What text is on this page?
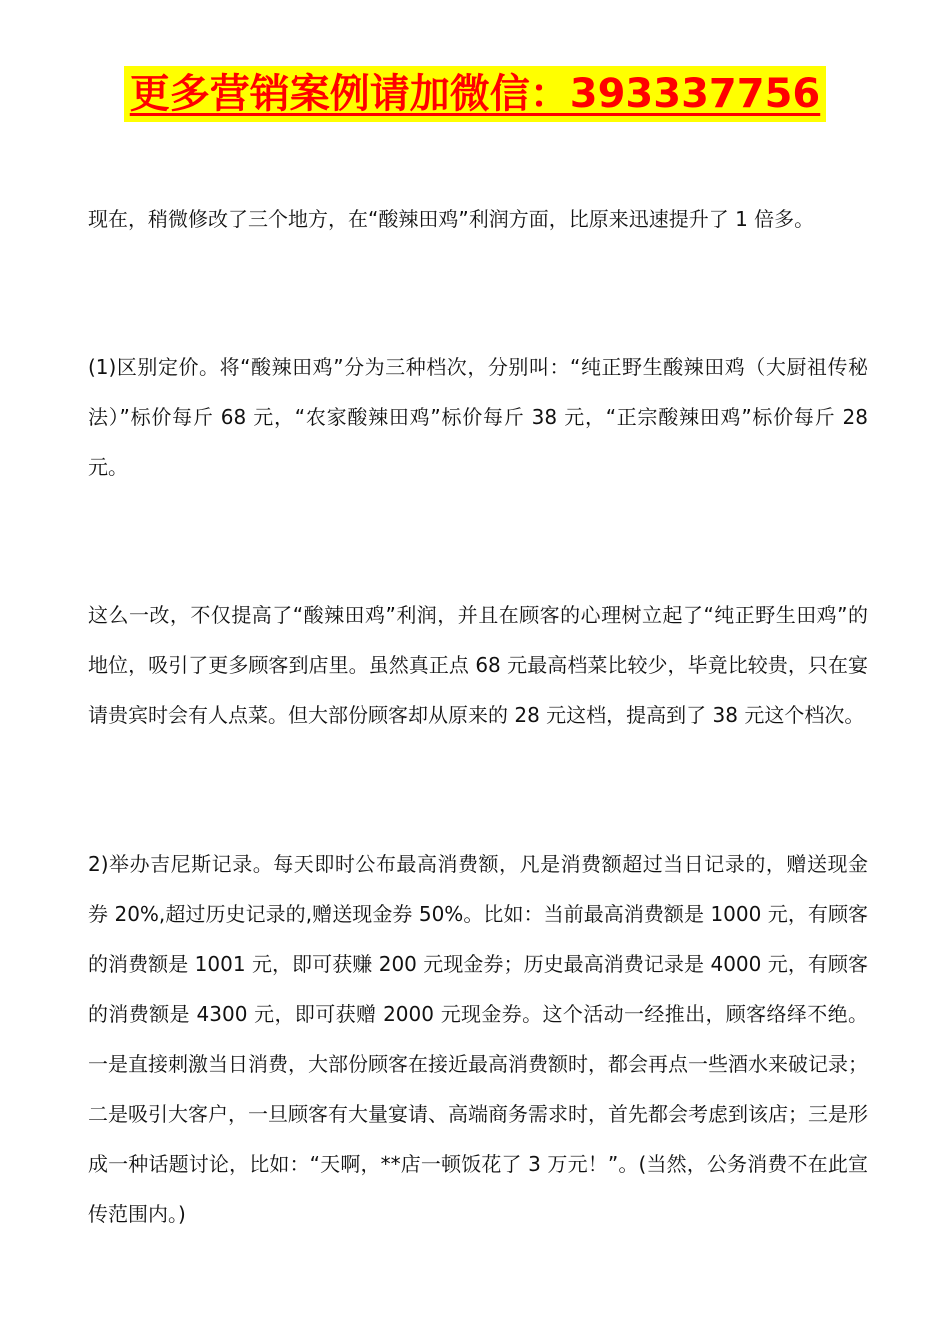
更多营销案例请加微信：393337756

现在，稍微修改了三个地方，在“酸辣田鸡”利润方面，比原来迅速提升了 1 倍多。

(1)区别定价。将“酸辣田鸡”分为三种档次，分别叫：“纯正野生酸辣田鸡（大厨祖传秘法）”标价每斤 68 元，“农家酸辣田鸡”标价每斤 38 元，“正宗酸辣田鸡”标价每斤 28 元。

这么一改，不仅提高了“酸辣田鸡”利润，并且在顾客的心理树立起了“纯正野生田鸡”的地位，吸引了更多顾客到店里。虽然真正点 68 元最高档菜比较少，毕竟比较贵，只在宴请贵宾时会有人点菜。但大部份顾客却从原来的 28 元这档，提高到了 38 元这个档次。

2)举办吉尼斯记录。每天即时公布最高消费额，凡是消费额超过当日记录的，赠送现金券 20%,超过历史记录的,赠送现金券 50%。比如：当前最高消费额是 1000 元，有顾客的消费额是 1001 元，即可获赚 200 元现金券；历史最高消费记录是 4000 元，有顾客的消费额是 4300 元，即可获赠 2000 元现金券。这个活动一经推出，顾客络绎不绝。一是直接刺激当日消费，大部份顾客在接近最高消费额时，都会再点一些酒水来破记录；二是吸引大客户，一旦顾客有大量宴请、高端商务需求时，首先都会考虑到该店；三是形成一种话题讨论，比如：“天啊，**店一顿饭花了 3 万元！”。(当然，公务消费不在此宣传范围内。)
